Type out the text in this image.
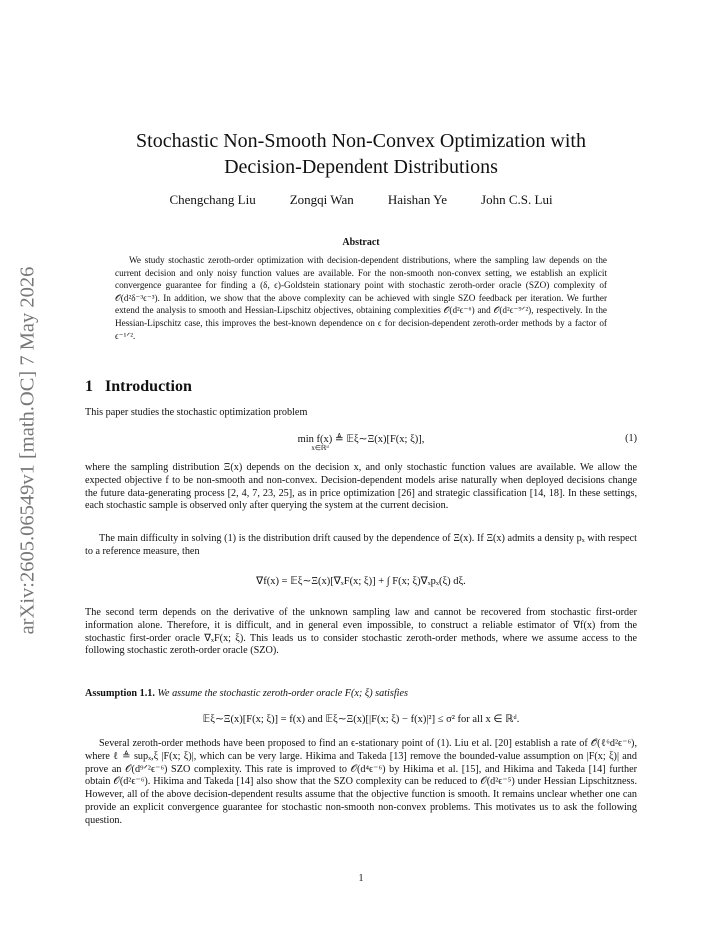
arXiv:2605.06549v1 [math.OC] 7 May 2026
Stochastic Non-Smooth Non-Convex Optimization with
Decision-Dependent Distributions
Chengchang Liu	Zongqi Wan	Haishan Ye	John C.S. Lui
Abstract

We study stochastic zeroth-order optimization with decision-dependent distributions, where the sampling law depends on the current decision and only noisy function values are available. For the non-smooth non-convex setting, we establish an explicit convergence guarantee for finding a (δ, ϵ)-Goldstein stationary point with stochastic zeroth-order oracle (SZO) complexity of 𝒪(d²δ⁻³ϵ⁻³). In addition, we show that the above complexity can be achieved with single SZO feedback per iteration. We further extend the analysis to smooth and Hessian-Lipschitz objectives, obtaining complexities 𝒪(d²ϵ⁻⁶) and 𝒪(d²ϵ⁻⁹ᐟ²), respectively. In the Hessian-Lipschitz case, this improves the best-known dependence on ϵ for decision-dependent zeroth-order methods by a factor of ϵ⁻¹ᐟ².

1 Introduction

This paper studies the stochastic optimization problem

min f(x) ≜ 𝔼ξ∼Ξ(x)[F(x; ξ)],
x∈ℝᵈ
(1)

where the sampling distribution Ξ(x) depends on the decision x, and only stochastic function values are available. We allow the expected objective f to be non-smooth and non-convex. Decision-dependent models arise naturally when deployed decisions change the future data-generating process [2, 4, 7, 23, 25], as in price optimization [26] and strategic classification [14, 18]. In these settings, each stochastic sample is observed only after querying the system at the current decision.

The main difficulty in solving (1) is the distribution drift caused by the dependence of Ξ(x). If Ξ(x) admits a density pₓ with respect to a reference measure, then

∇f(x) = 𝔼ξ∼Ξ(x)[∇ₓF(x; ξ)] + ∫ F(x; ξ)∇ₓpₓ(ξ) dξ.

The second term depends on the derivative of the unknown sampling law and cannot be recovered from stochastic first-order information alone. Therefore, it is difficult, and in general even impossible, to construct a reliable estimator of ∇f(x) from the stochastic first-order oracle ∇ₓF(x; ξ). This leads us to consider stochastic zeroth-order methods, where we assume access to the following stochastic zeroth-order oracle (SZO).

Assumption 1.1. We assume the stochastic zeroth-order oracle F(x; ξ) satisfies
𝔼ξ∼Ξ(x)[F(x; ξ)] = f(x) and 𝔼ξ∼Ξ(x)[|F(x; ξ) − f(x)|²] ≤ σ² for all x ∈ ℝᵈ.

Several zeroth-order methods have been proposed to find an ϵ-stationary point of (1). Liu et al. [20] establish a rate of 𝒪̃(ℓ⁶d²ϵ⁻⁶), where ℓ ≜ supₓ,ξ |F(x; ξ)|, which can be very large. Hikima and Takeda [13] remove the bounded-value assumption on |F(x; ξ)| and prove an 𝒪(d⁹ᐟ²ϵ⁻⁶) SZO complexity. This rate is improved to 𝒪(d⁴ϵ⁻⁶) by Hikima et al. [15], and Hikima and Takeda [14] further obtain 𝒪(d²ϵ⁻⁶). Hikima and Takeda [14] also show that the SZO complexity can be reduced to 𝒪(d²ϵ⁻⁵) under Hessian Lipschitzness. However, all of the above decision-dependent results assume that the objective function is smooth. It remains unclear whether one can provide an explicit convergence guarantee for stochastic non-smooth non-convex problems. This motivates us to ask the following question.

1
